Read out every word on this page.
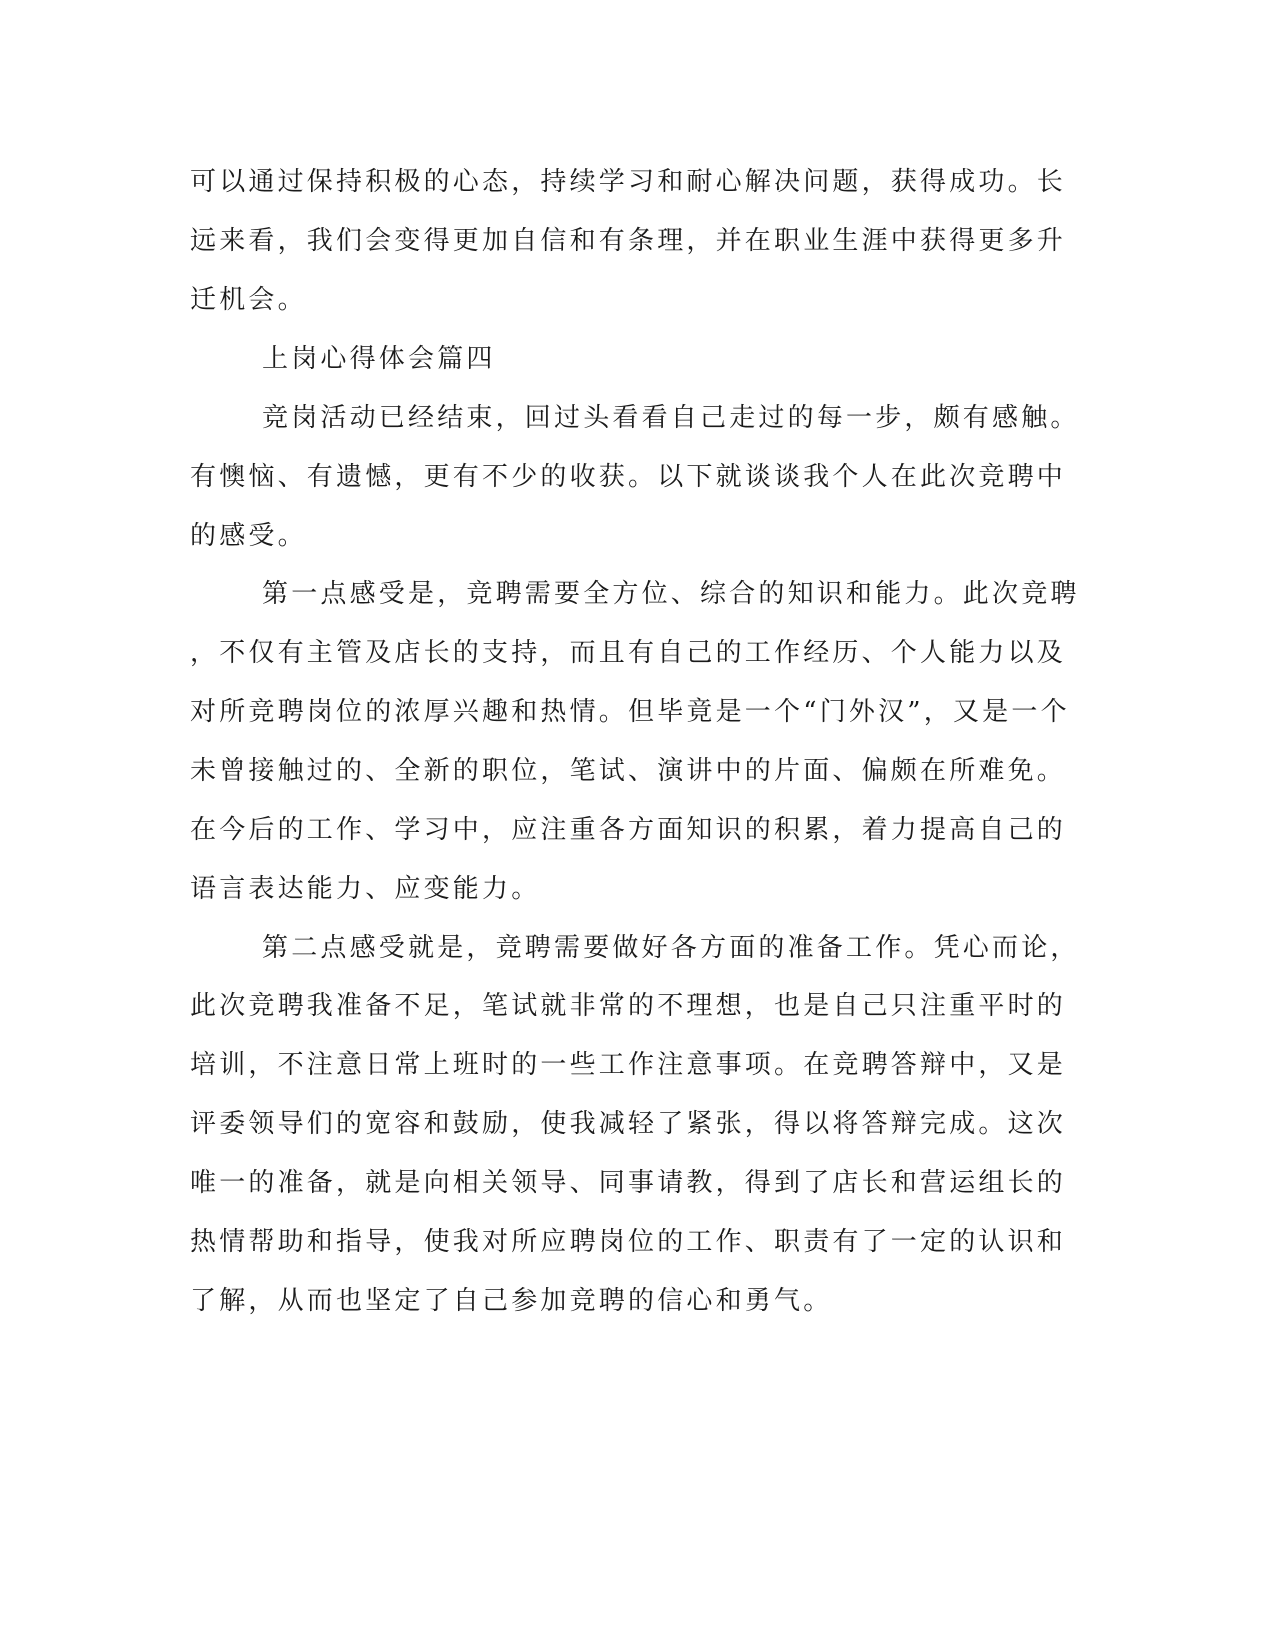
可以通过保持积极的心态，持续学习和耐心解决问题，获得成功。长
远来看，我们会变得更加自信和有条理，并在职业生涯中获得更多升
迁机会。
上岗心得体会篇四
竞岗活动已经结束，回过头看看自己走过的每一步，颇有感触。
有懊恼、有遗憾，更有不少的收获。以下就谈谈我个人在此次竞聘中
的感受。
第一点感受是，竞聘需要全方位、综合的知识和能力。此次竞聘
，不仅有主管及店长的支持，而且有自己的工作经历、个人能力以及
对所竞聘岗位的浓厚兴趣和热情。但毕竟是一个“门外汉”，又是一个
未曾接触过的、全新的职位，笔试、演讲中的片面、偏颇在所难免。
在今后的工作、学习中，应注重各方面知识的积累，着力提高自己的
语言表达能力、应变能力。
第二点感受就是，竞聘需要做好各方面的准备工作。凭心而论，
此次竞聘我准备不足，笔试就非常的不理想，也是自己只注重平时的
培训，不注意日常上班时的一些工作注意事项。在竞聘答辩中，又是
评委领导们的宽容和鼓励，使我减轻了紧张，得以将答辩完成。这次
唯一的准备，就是向相关领导、同事请教，得到了店长和营运组长的
热情帮助和指导，使我对所应聘岗位的工作、职责有了一定的认识和
了解，从而也坚定了自己参加竞聘的信心和勇气。
